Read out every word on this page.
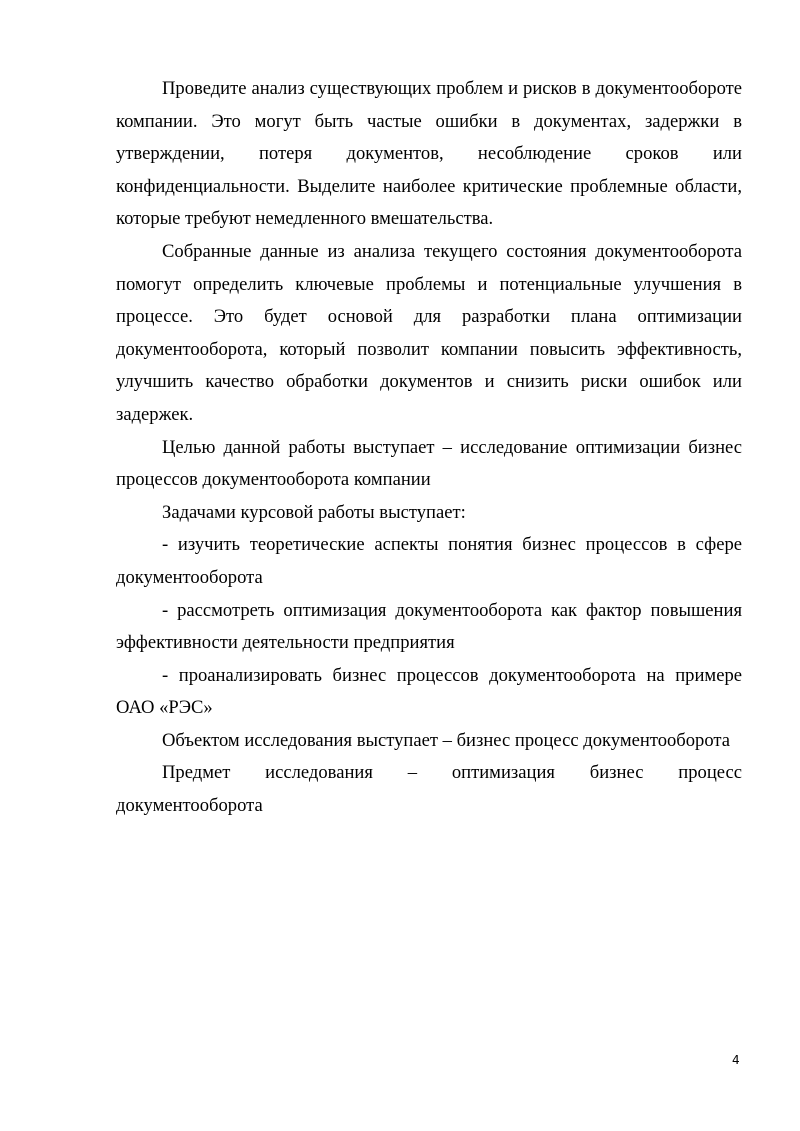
Проведите анализ существующих проблем и рисков в документообороте компании. Это могут быть частые ошибки в документах, задержки в утверждении, потеря документов, несоблюдение сроков или конфиденциальности. Выделите наиболее критические проблемные области, которые требуют немедленного вмешательства.

Собранные данные из анализа текущего состояния документооборота помогут определить ключевые проблемы и потенциальные улучшения в процессе. Это будет основой для разработки плана оптимизации документооборота, который позволит компании повысить эффективность, улучшить качество обработки документов и снизить риски ошибок или задержек.

Целью данной работы выступает – исследование оптимизации бизнес процессов документооборота компании

Задачами курсовой работы выступает:

- изучить теоретические аспекты понятия бизнес процессов в сфере документооборота

- рассмотреть оптимизация документооборота как фактор повышения эффективности деятельности предприятия

- проанализировать бизнес процессов документооборота на примере ОАО «РЭС»

Объектом исследования выступает – бизнес процесс документооборота

Предмет исследования – оптимизация бизнес процесс документооборота

4
